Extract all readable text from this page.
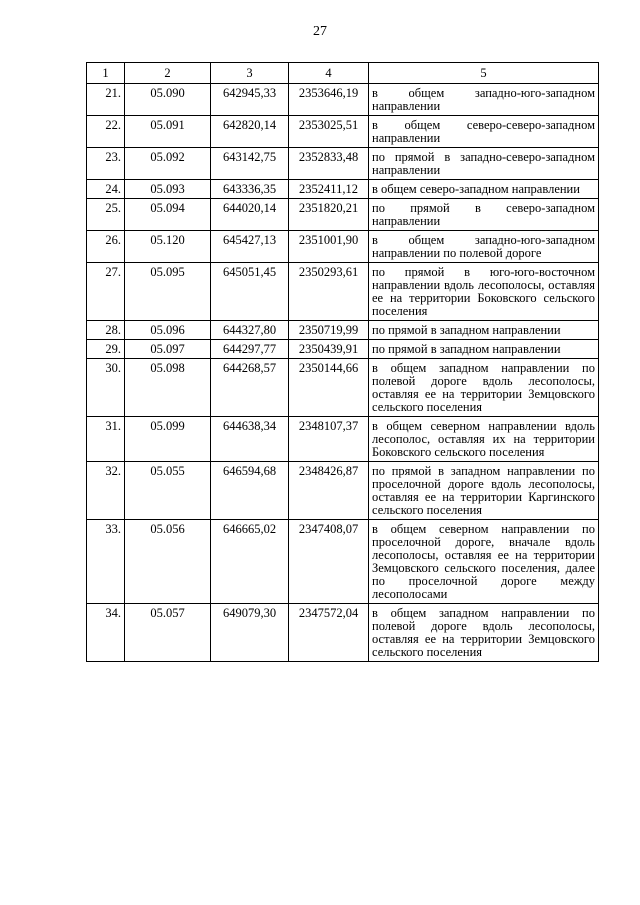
27
1	2	3	4	5
21.	05.090	642945,33	2353646,19	в общем западно-юго-западном направлении
22.	05.091	642820,14	2353025,51	в общем северо-северо-западном направлении
23.	05.092	643142,75	2352833,48	по прямой в западно-северо-западном направлении
24.	05.093	643336,35	2352411,12	в общем северо-западном направлении
25.	05.094	644020,14	2351820,21	по прямой в северо-западном направлении
26.	05.120	645427,13	2351001,90	в общем западно-юго-западном направлении по полевой дороге
27.	05.095	645051,45	2350293,61	по прямой в юго-юго-восточном направлении вдоль лесополосы, оставляя ее на территории Боковского сельского поселения
28.	05.096	644327,80	2350719,99	по прямой в западном направлении
29.	05.097	644297,77	2350439,91	по прямой в западном направлении
30.	05.098	644268,57	2350144,66	в общем западном направлении по полевой дороге вдоль лесополосы, оставляя ее на территории Земцовского сельского поселения
31.	05.099	644638,34	2348107,37	в общем северном направлении вдоль лесополос, оставляя их на территории Боковского сельского поселения
32.	05.055	646594,68	2348426,87	по прямой в западном направлении по проселочной дороге вдоль лесополосы, оставляя ее на территории Каргинского сельского поселения
33.	05.056	646665,02	2347408,07	в общем северном направлении по проселочной дороге, вначале вдоль лесополосы, оставляя ее на территории Земцовского сельского поселения, далее по проселочной дороге между лесополосами
34.	05.057	649079,30	2347572,04	в общем западном направлении по полевой дороге вдоль лесополосы, оставляя ее на территории Земцовского сельского поселения
